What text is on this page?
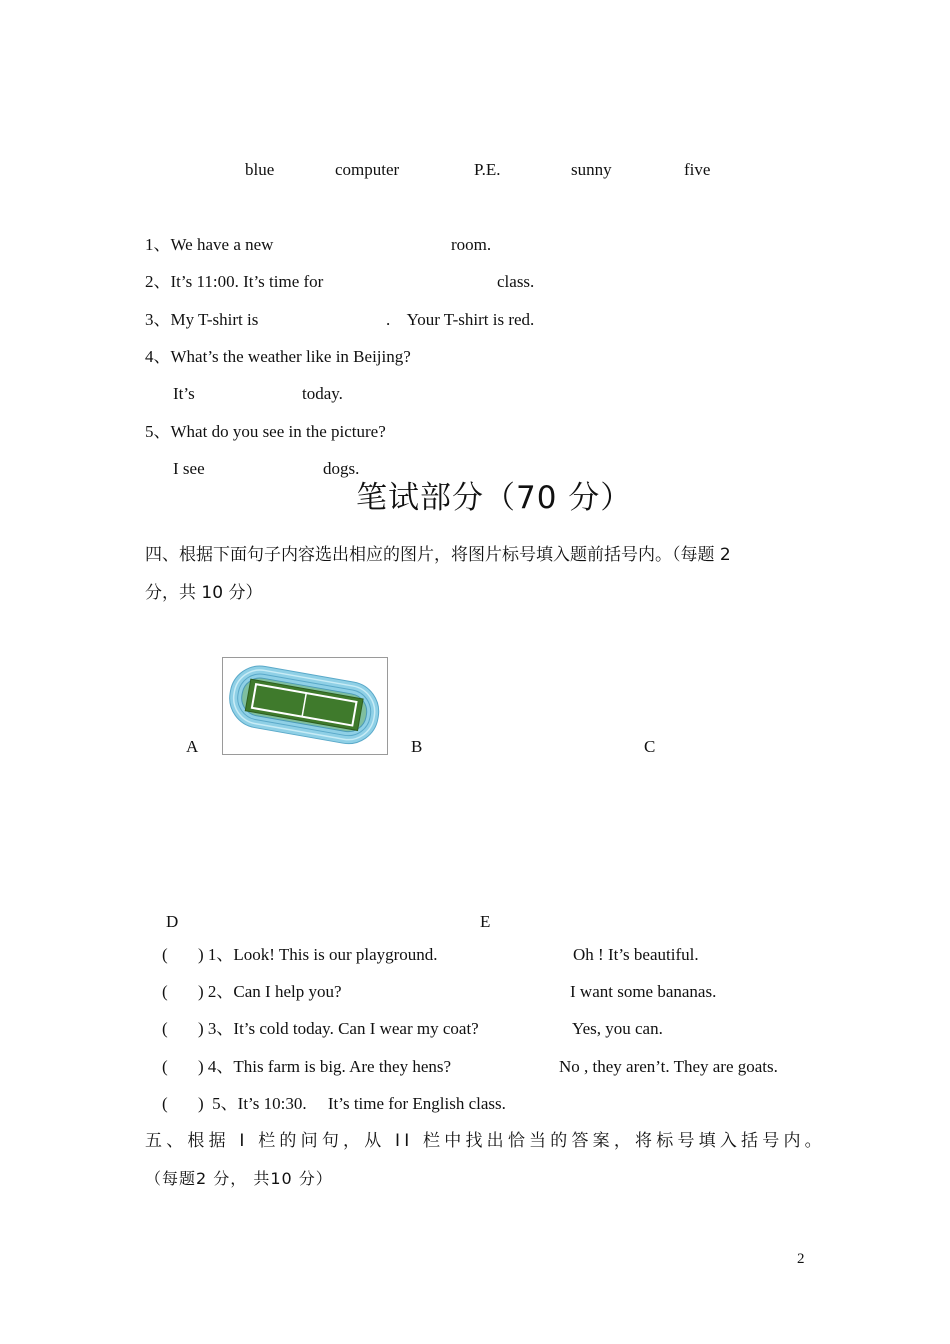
blue	computer	P.E.	sunny	five
1、We have a new	room.
2、It’s 11:00. It’s time for	class.
3、My T-shirt is	.    Your T-shirt is red.
4、What’s the weather like in Beijing?
It’s	today.
5、What do you see in the picture?
I see	dogs.
笔试部分（70 分）
四、根据下面句子内容选出相应的图片，将图片标号填入题前括号内。（每题 2
分，共 10 分）
A	B	C
D	E
( ) 1、Look! This is our playground.	Oh ! It’s beautiful.
( ) 2、Can I help you?	I want some bananas.
( ) 3、It’s cold today. Can I wear my coat?	Yes, you can.
( ) 4、This farm is big. Are they hens?	No , they aren’t. They are goats.
( )  5、It’s 10:30.     It’s time for English class.
五、根据 I 栏的问句，从 II 栏中找出恰当的答案，将标号填入括号内。
（每题2 分， 共10 分）
2
